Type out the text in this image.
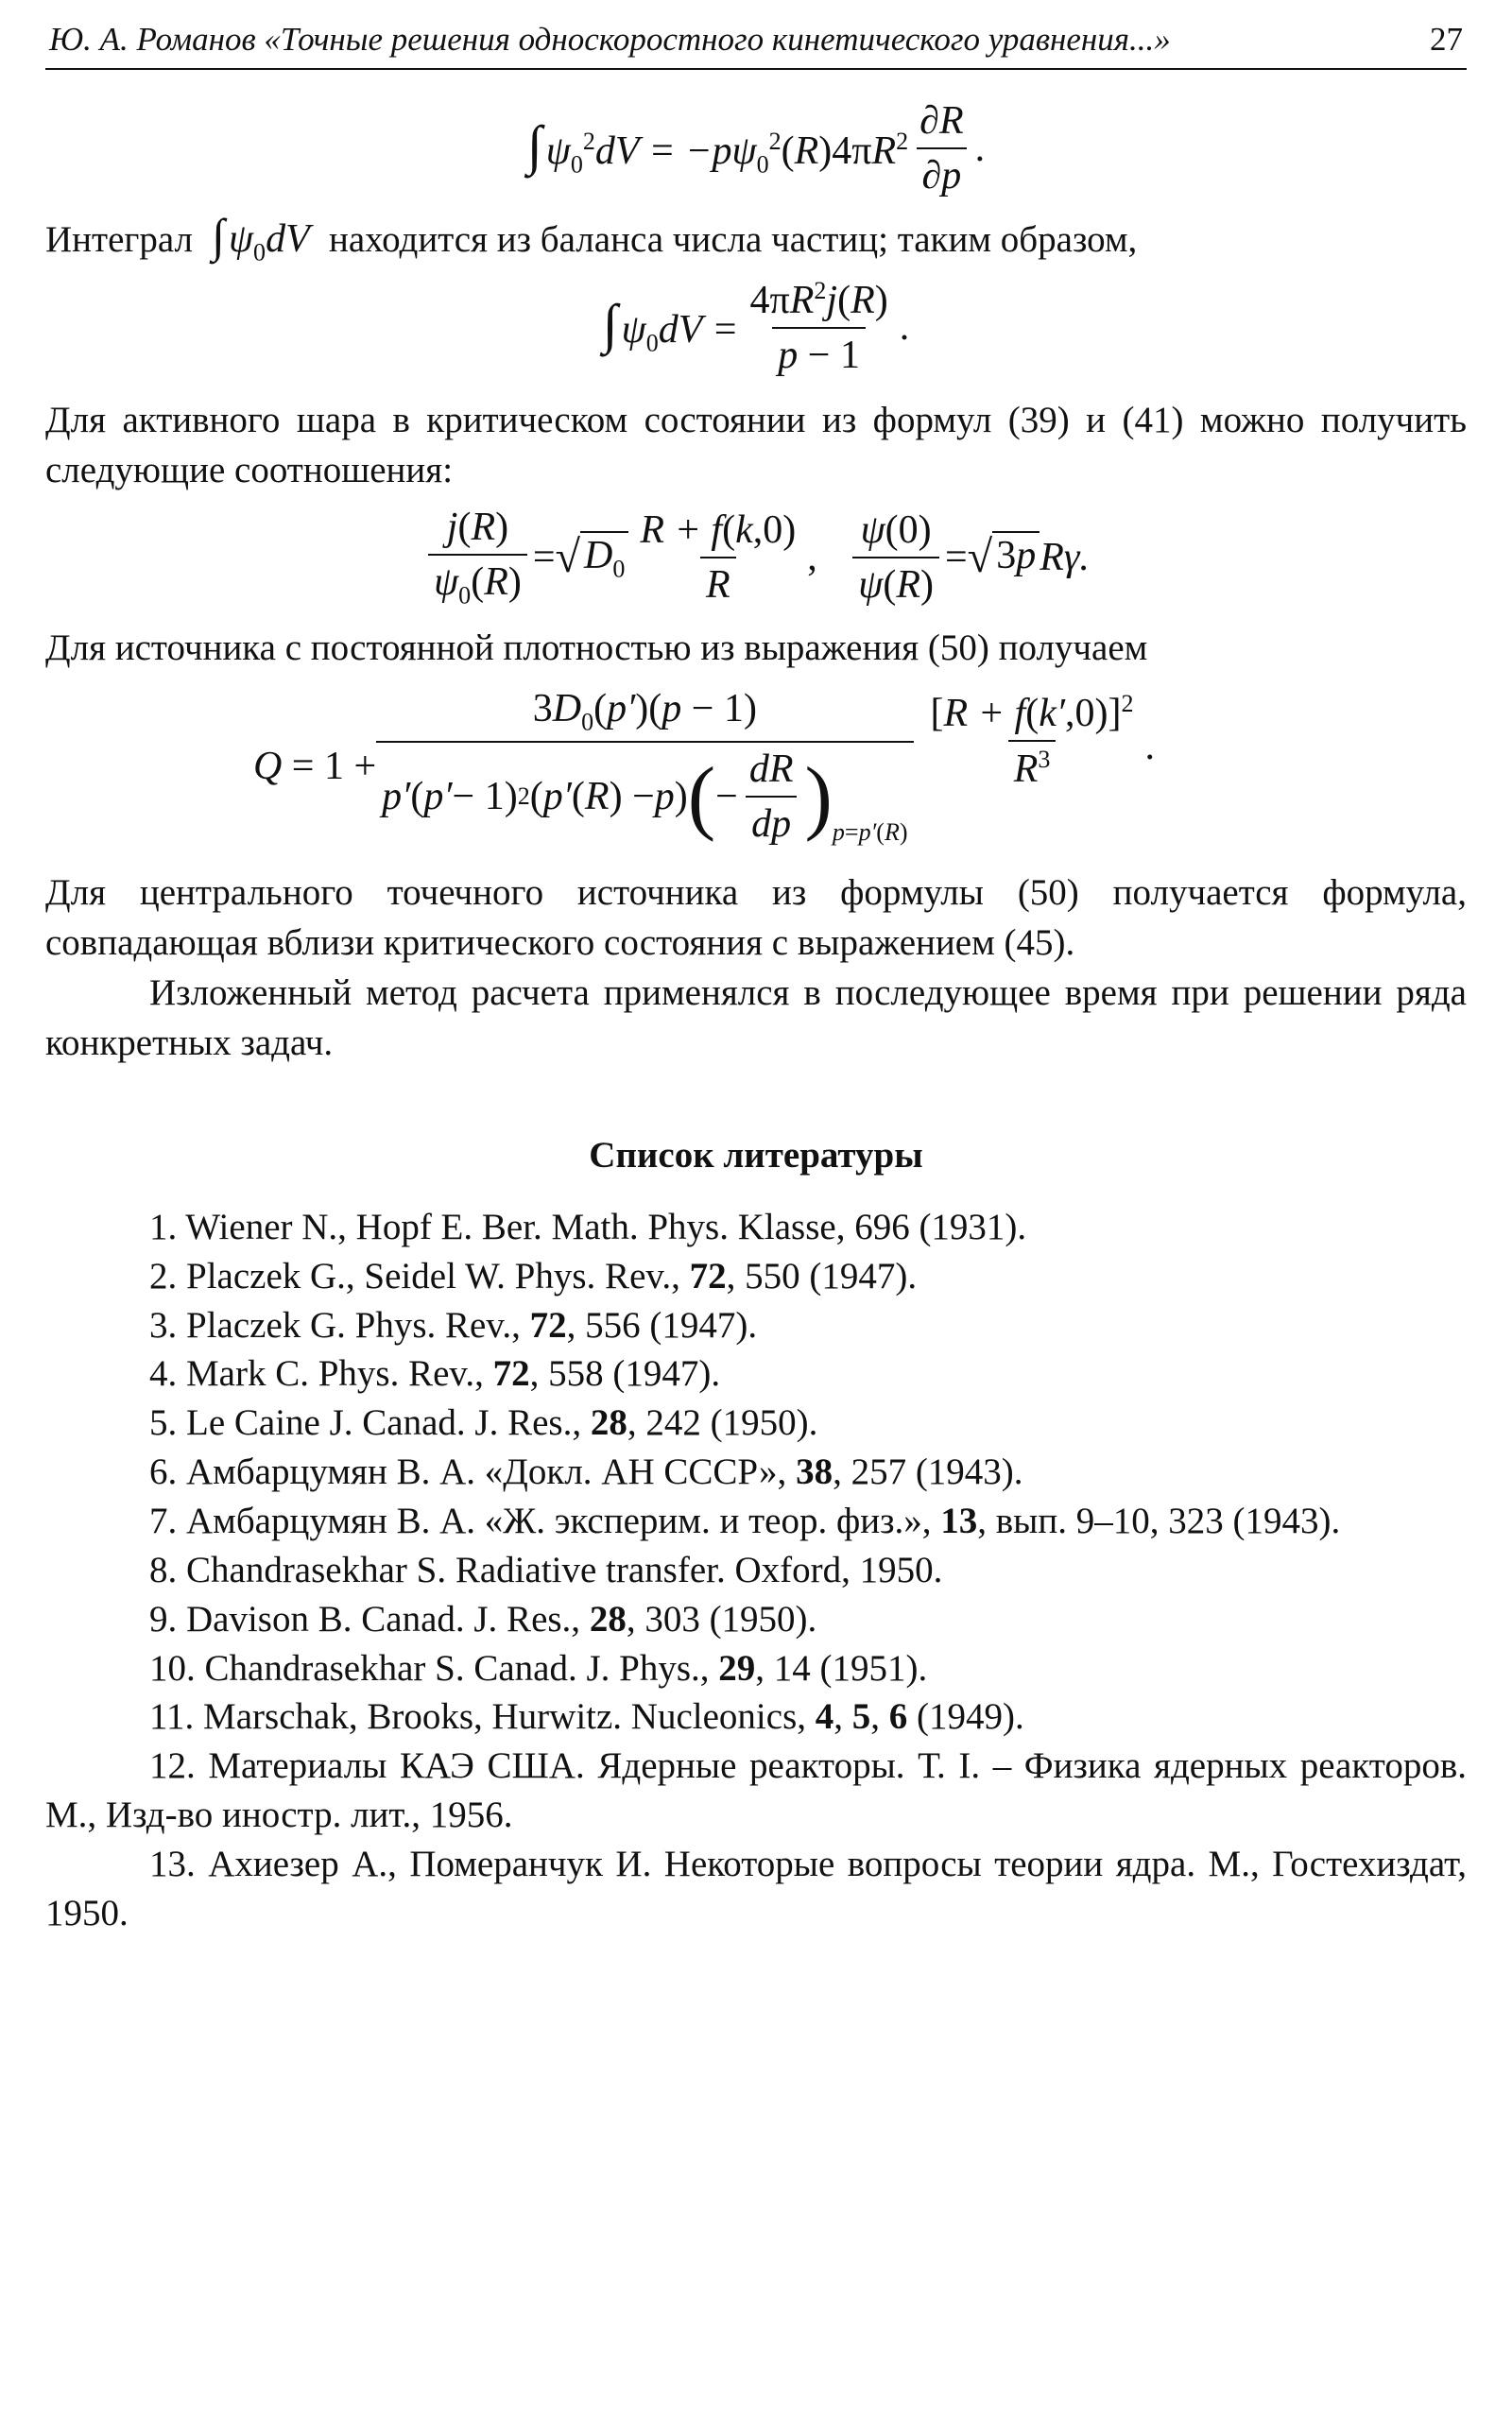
Ю. А. Романов «Точные решения односкоростного кинетического уравнения...»	27
$\int\psi_0^2dV = -p\psi_0^2(R)4\pi R^2 \frac{\partial R}{\partial p}$ .

Интеграл $\int\psi_0dV$ находится из баланса числа частиц; таким образом,

$\int\psi_0dV = \frac{4\pi R^2j(R)}{p - 1}$ .

Для активного шара в критическом состоянии из формул (39) и (41) можно получить следующие соотношения:

$\frac{j(R)}{\psi_0(R)}$ = √ $D_0 \frac{R + f(k,0)}{R}$ , $\frac{\psi(0)}{\psi(R)}$ = √ 3p Rγ.

Для источника с постоянной плотностью из выражения (50) получаем

Q = 1 +
$3D_0(p')(p - 1)$
p ′ ( p ′ − 1) 2 ( p ′ ( R ) − p ) ( − $\frac{dR}{dp}$ ) $_{p=p'(R)}$
$\frac{[R + f(k',0)]^2}{R^3}$ .

Для центрального точечного источника из формулы (50) получается формула, совпадающая вблизи критического состояния с выражением (45).

Изложенный метод расчета применялся в последующее время при решении ряда конкретных задач.

Список литературы

1. Wiener N., Hopf E. Ber. Math. Phys. Klasse, 696 (1931).

2. Placzek G., Seidel W. Phys. Rev., 72, 550 (1947).

3. Placzek G. Phys. Rev., 72, 556 (1947).

4. Mark C. Phys. Rev., 72, 558 (1947).

5. Le Caine J. Canad. J. Res., 28, 242 (1950).

6. Амбарцумян В. А. «Докл. АН СССР», 38, 257 (1943).

7. Амбарцумян В. А. «Ж. эксперим. и теор. физ.», 13, вып. 9–10, 323 (1943).

8. Chandrasekhar S. Radiative transfer. Oxford, 1950.

9. Davison B. Canad. J. Res., 28, 303 (1950).

10. Chandrasekhar S. Canad. J. Phys., 29, 14 (1951).

11. Marschak, Brooks, Hurwitz. Nucleonics, 4, 5, 6 (1949).

12. Материалы КАЭ США. Ядерные реакторы. Т. I. – Физика ядерных реакторов. М., Изд-во иностр. лит., 1956.

13. Ахиезер А., Померанчук И. Некоторые вопросы теории ядра. М., Гостехиздат, 1950.
